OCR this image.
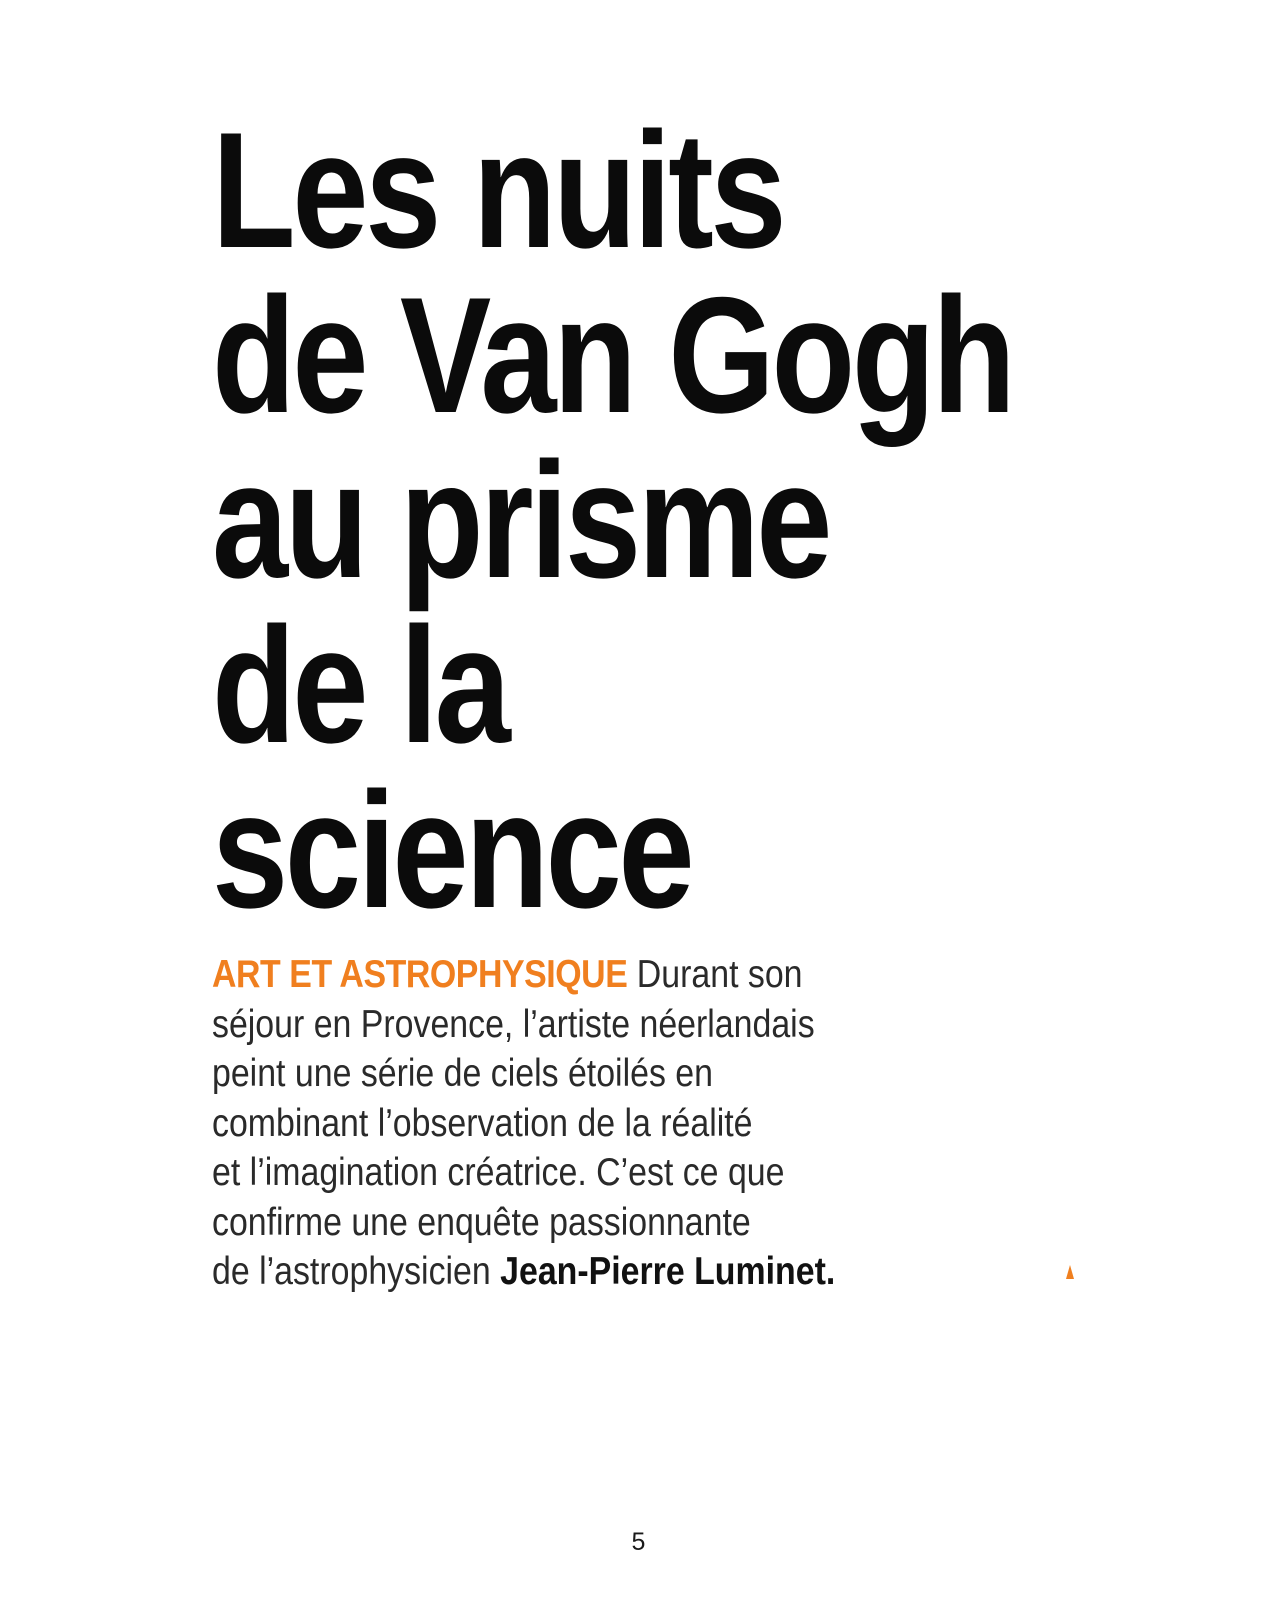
Les nuits
de Van Gogh
au prisme
de la
science

ART ET ASTROPHYSIQUE Durant son
séjour en Provence, l’artiste néerlandais
peint une série de ciels étoilés en
combinant l’observation de la réalité
et l’imagination créatrice. C’est ce que
confirme une enquête passionnante
de l’astrophysicien Jean-Pierre Luminet.

5
